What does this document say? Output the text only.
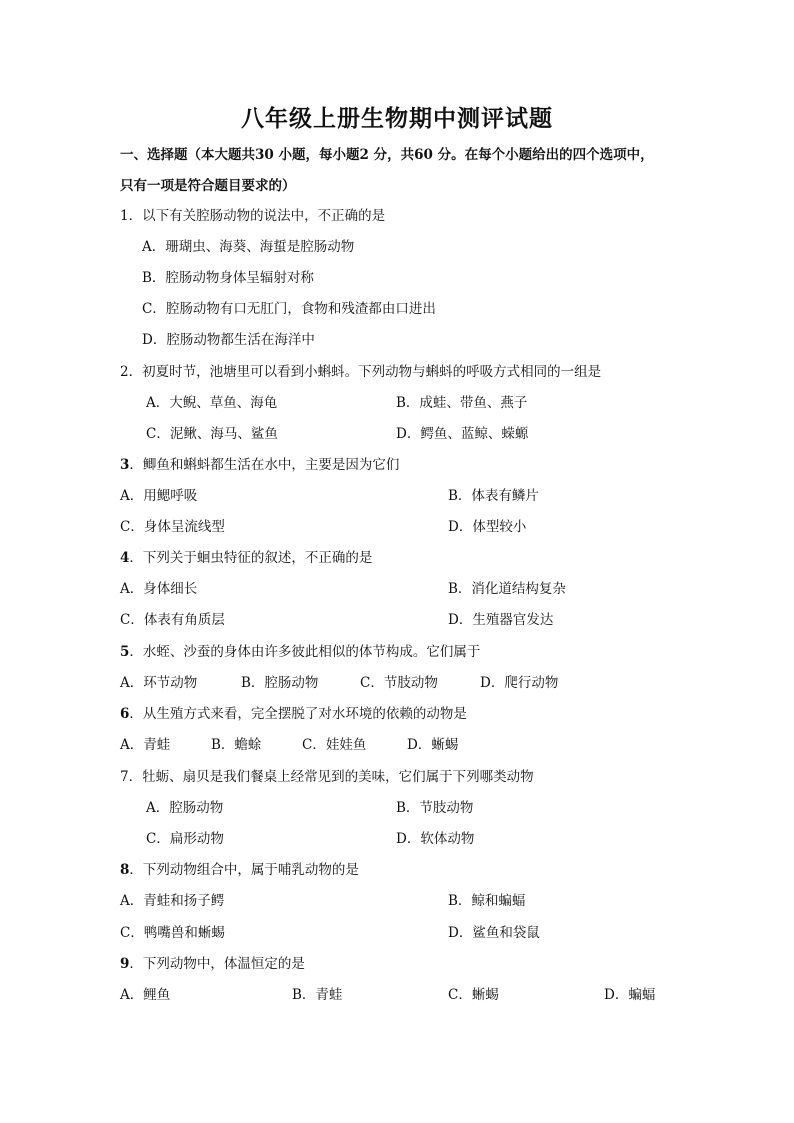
八年级上册生物期中测评试题
一、选择题（本大题共30 小题，每小题2 分，共60 分。在每个小题给出的四个选项中，
只有一项是符合题目要求的）
1．以下有关腔肠动物的说法中，不正确的是
A．珊瑚虫、海葵、海蜇是腔肠动物
B．腔肠动物身体呈辐射对称
C．腔肠动物有口无肛门，食物和残渣都由口进出
D．腔肠动物都生活在海洋中
2．初夏时节，池塘里可以看到小蝌蚪。下列动物与蝌蚪的呼吸方式相同的一组是
A．大鲵、草鱼、海龟	B．成蛙、带鱼、燕子
C．泥鳅、海马、鲨鱼	D．鳄鱼、蓝鲸、蝾螈
3．鲫鱼和蝌蚪都生活在水中，主要是因为它们
A．用鳃呼吸	B．体表有鳞片
C．身体呈流线型	D．体型较小
4．下列关于蛔虫特征的叙述，不正确的是
A．身体细长	B．消化道结构复杂
C．体表有角质层	D．生殖器官发达
5．水蛭、沙蚕的身体由许多彼此相似的体节构成。它们属于
A．环节动物	B．腔肠动物	C．节肢动物	D．爬行动物
6．从生殖方式来看，完全摆脱了对水环境的依赖的动物是
A．青蛙	B．蟾蜍	C．娃娃鱼	D．蜥蜴
7．牡蛎、扇贝是我们餐桌上经常见到的美味，它们属于下列哪类动物
A．腔肠动物	B．节肢动物
C．扁形动物	D．软体动物
8．下列动物组合中，属于哺乳动物的是
A．青蛙和扬子鳄	B．鲸和蝙蝠
C．鸭嘴兽和蜥蜴	D．鲨鱼和袋鼠
9．下列动物中，体温恒定的是
A．鲤鱼	B．青蛙	C．蜥蜴	D．蝙蝠
